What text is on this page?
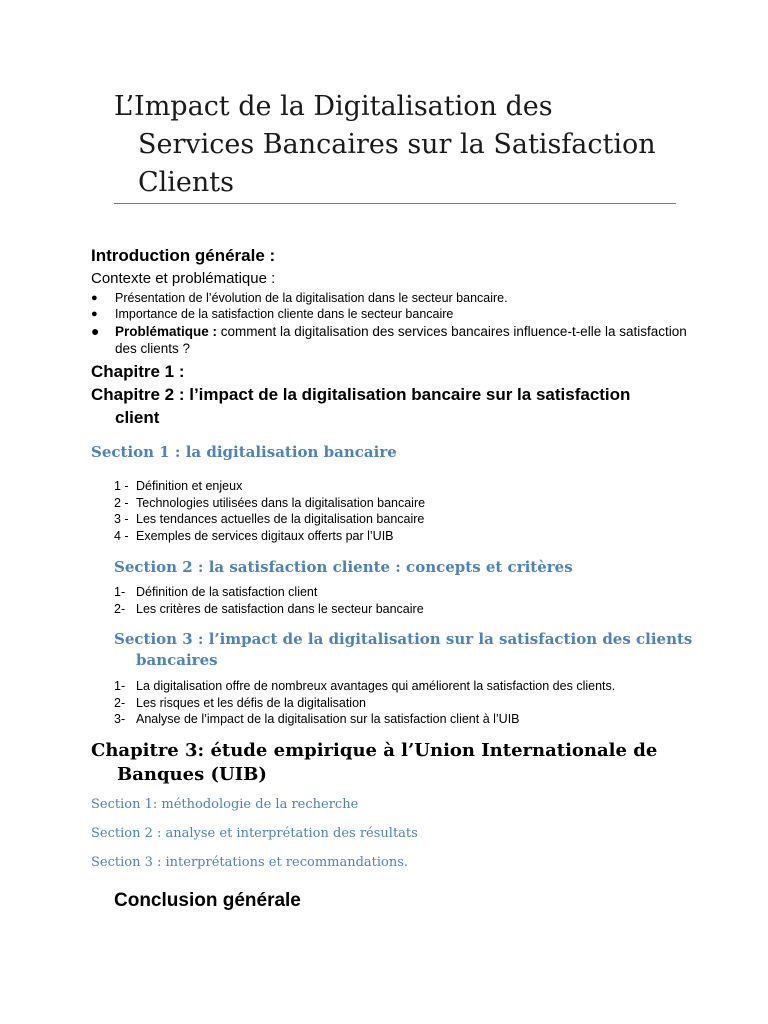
L’Impact de la Digitalisation des
Services Bancaires sur la Satisfaction
Clients
Introduction générale :
Contexte et problématique :
● Présentation de l’évolution de la digitalisation dans le secteur bancaire.
● Importance de la satisfaction cliente dans le secteur bancaire
● Problématique : comment la digitalisation des services bancaires influence-t-elle la satisfaction des clients ?
Chapitre 1 :
Chapitre 2 : l’impact de la digitalisation bancaire sur la satisfaction
client
Section 1 : la digitalisation bancaire
1 - Définition et enjeux
2 - Technologies utilisées dans la digitalisation bancaire
3 - Les tendances actuelles de la digitalisation bancaire
4 - Exemples de services digitaux offerts par l’UIB
Section 2 : la satisfaction cliente : concepts et critères
1- Définition de la satisfaction client
2- Les critères de satisfaction dans le secteur bancaire
Section 3 : l’impact de la digitalisation sur la satisfaction des clients
bancaires
1- La digitalisation offre de nombreux avantages qui améliorent la satisfaction des clients.
2- Les risques et les défis de la digitalisation
3- Analyse de l’impact de la digitalisation sur la satisfaction client à l’UIB
Chapitre 3: étude empirique à l’Union Internationale de
Banques (UIB)
Section 1: méthodologie de la recherche
Section 2 : analyse et interprétation des résultats
Section 3 : interprétations et recommandations.
Conclusion générale
